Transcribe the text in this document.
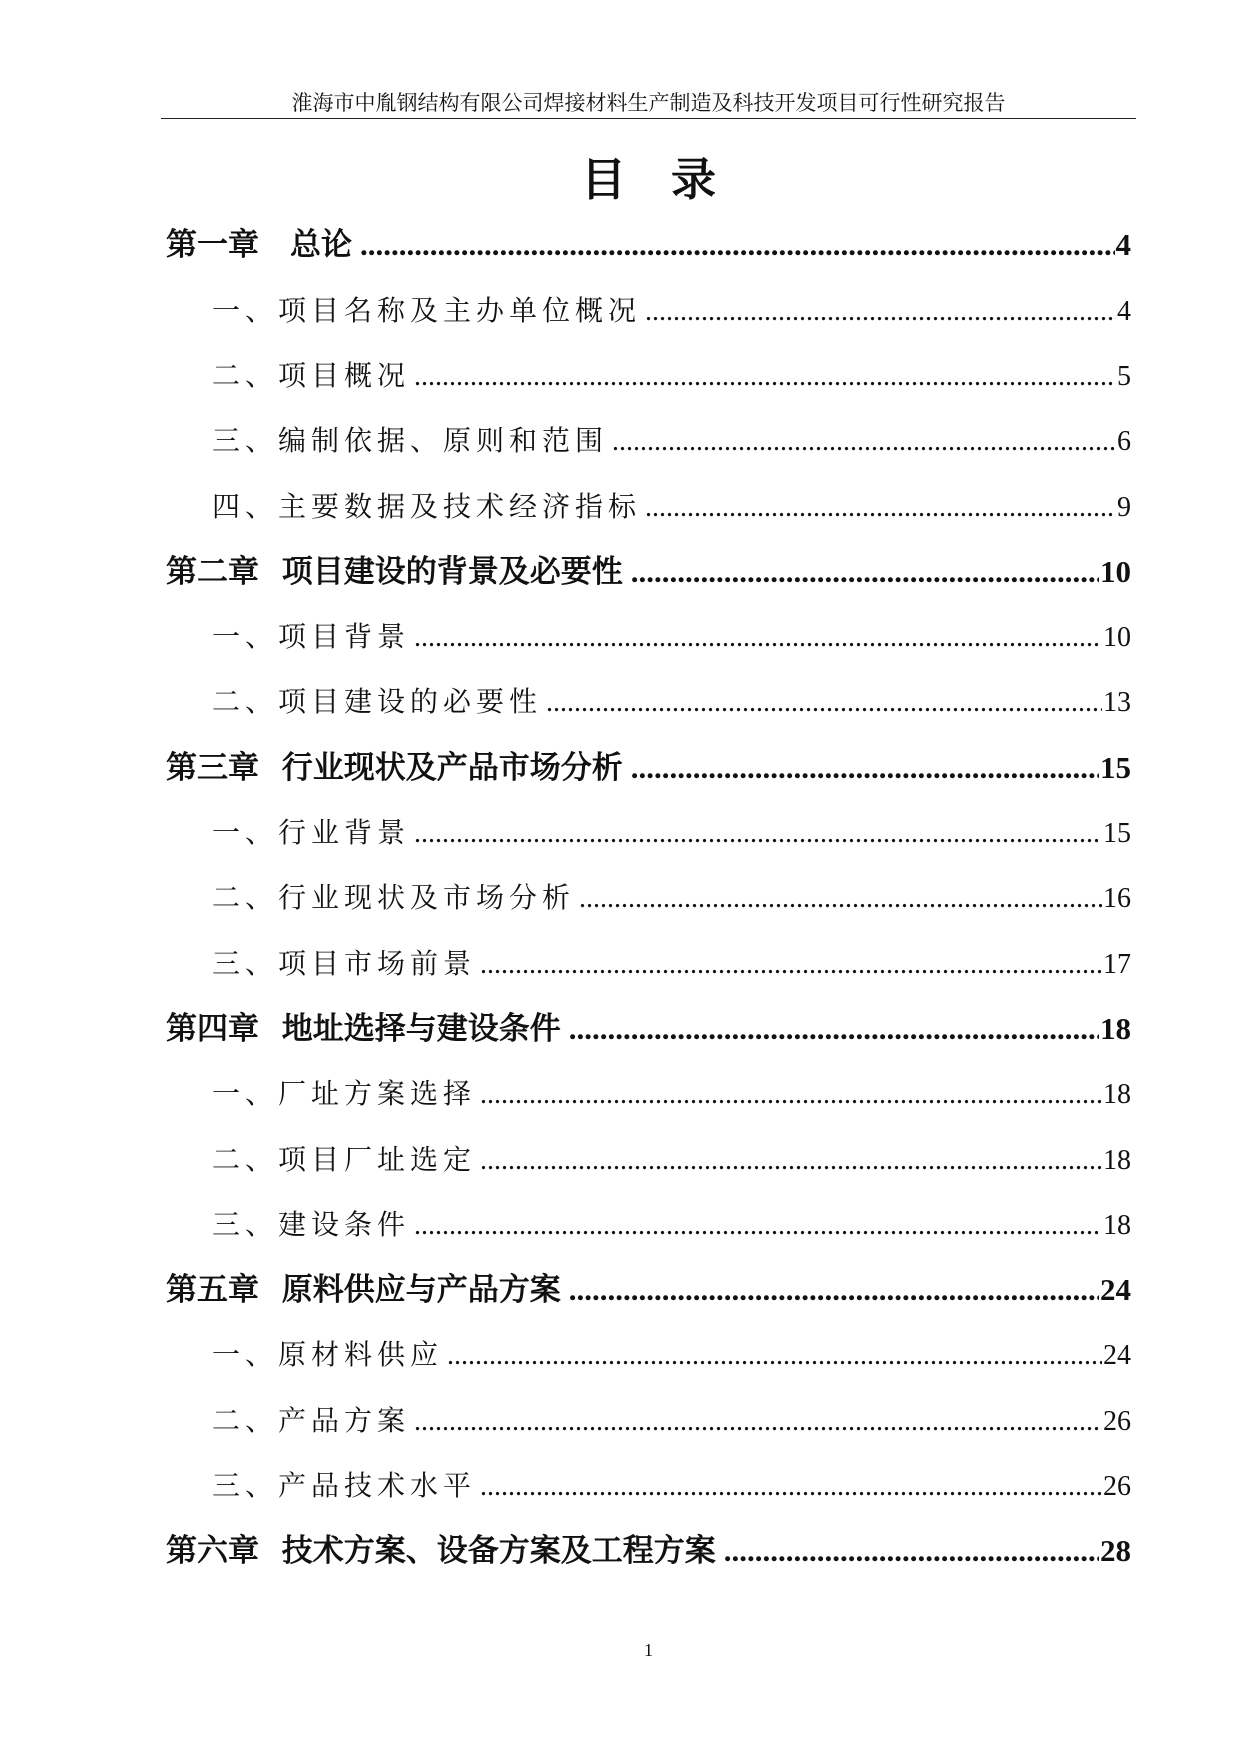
淮海市中胤钢结构有限公司焊接材料生产制造及科技开发项目可行性研究报告
目　录
第一章　总论 .....	4
一、项目名称及主办单位概况 .....	4
二、项目概况 .....	5
三、编制依据、原则和范围 .....	6
四、主要数据及技术经济指标 .....	9
第二章 项目建设的背景及必要性 .....	10
一、项目背景 .....	10
二、项目建设的必要性 .....	13
第三章 行业现状及产品市场分析 .....	15
一、行业背景 .....	15
二、行业现状及市场分析 .....	16
三、项目市场前景 .....	17
第四章 地址选择与建设条件 .....	18
一、厂址方案选择 .....	18
二、项目厂址选定 .....	18
三、建设条件 .....	18
第五章 原料供应与产品方案 .....	24
一、原材料供应 .....	24
二、产品方案 .....	26
三、产品技术水平 .....	26
第六章 技术方案、设备方案及工程方案 .....	28
1
